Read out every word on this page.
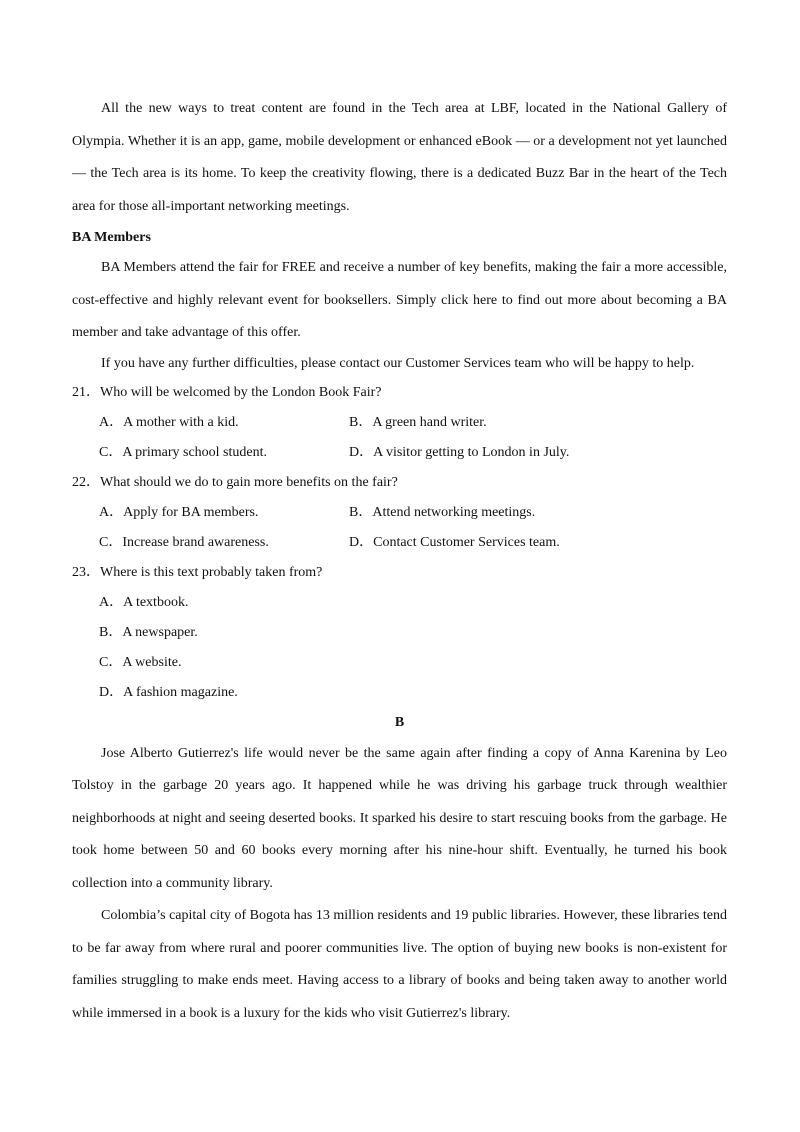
All the new ways to treat content are found in the Tech area at LBF, located in the National Gallery of Olympia. Whether it is an app, game, mobile development or enhanced eBook — or a development not yet launched — the Tech area is its home. To keep the creativity flowing, there is a dedicated Buzz Bar in the heart of the Tech area for those all-important networking meetings.

BA Members

BA Members attend the fair for FREE and receive a number of key benefits, making the fair a more accessible, cost-effective and highly relevant event for booksellers. Simply click here to find out more about becoming a BA member and take advantage of this offer.

If you have any further difficulties, please contact our Customer Services team who will be happy to help.

21．Who will be welcomed by the London Book Fair?

A．A mother with a kid.	B．A green hand writer.
C．A primary school student.	D．A visitor getting to London in July.

22．What should we do to gain more benefits on the fair?

A．Apply for BA members.	B．Attend networking meetings.
C．Increase brand awareness.	D．Contact Customer Services team.

23．Where is this text probably taken from?

A．A textbook.
B．A newspaper.
C．A website.
D．A fashion magazine.

B

Jose Alberto Gutierrez's life would never be the same again after finding a copy of Anna Karenina by Leo Tolstoy in the garbage 20 years ago. It happened while he was driving his garbage truck through wealthier neighborhoods at night and seeing deserted books. It sparked his desire to start rescuing books from the garbage. He took home between 50 and 60 books every morning after his nine-hour shift. Eventually, he turned his book collection into a community library.

Colombia’s capital city of Bogota has 13 million residents and 19 public libraries. However, these libraries tend to be far away from where rural and poorer communities live. The option of buying new books is non-existent for families struggling to make ends meet. Having access to a library of books and being taken away to another world while immersed in a book is a luxury for the kids who visit Gutierrez's library.
